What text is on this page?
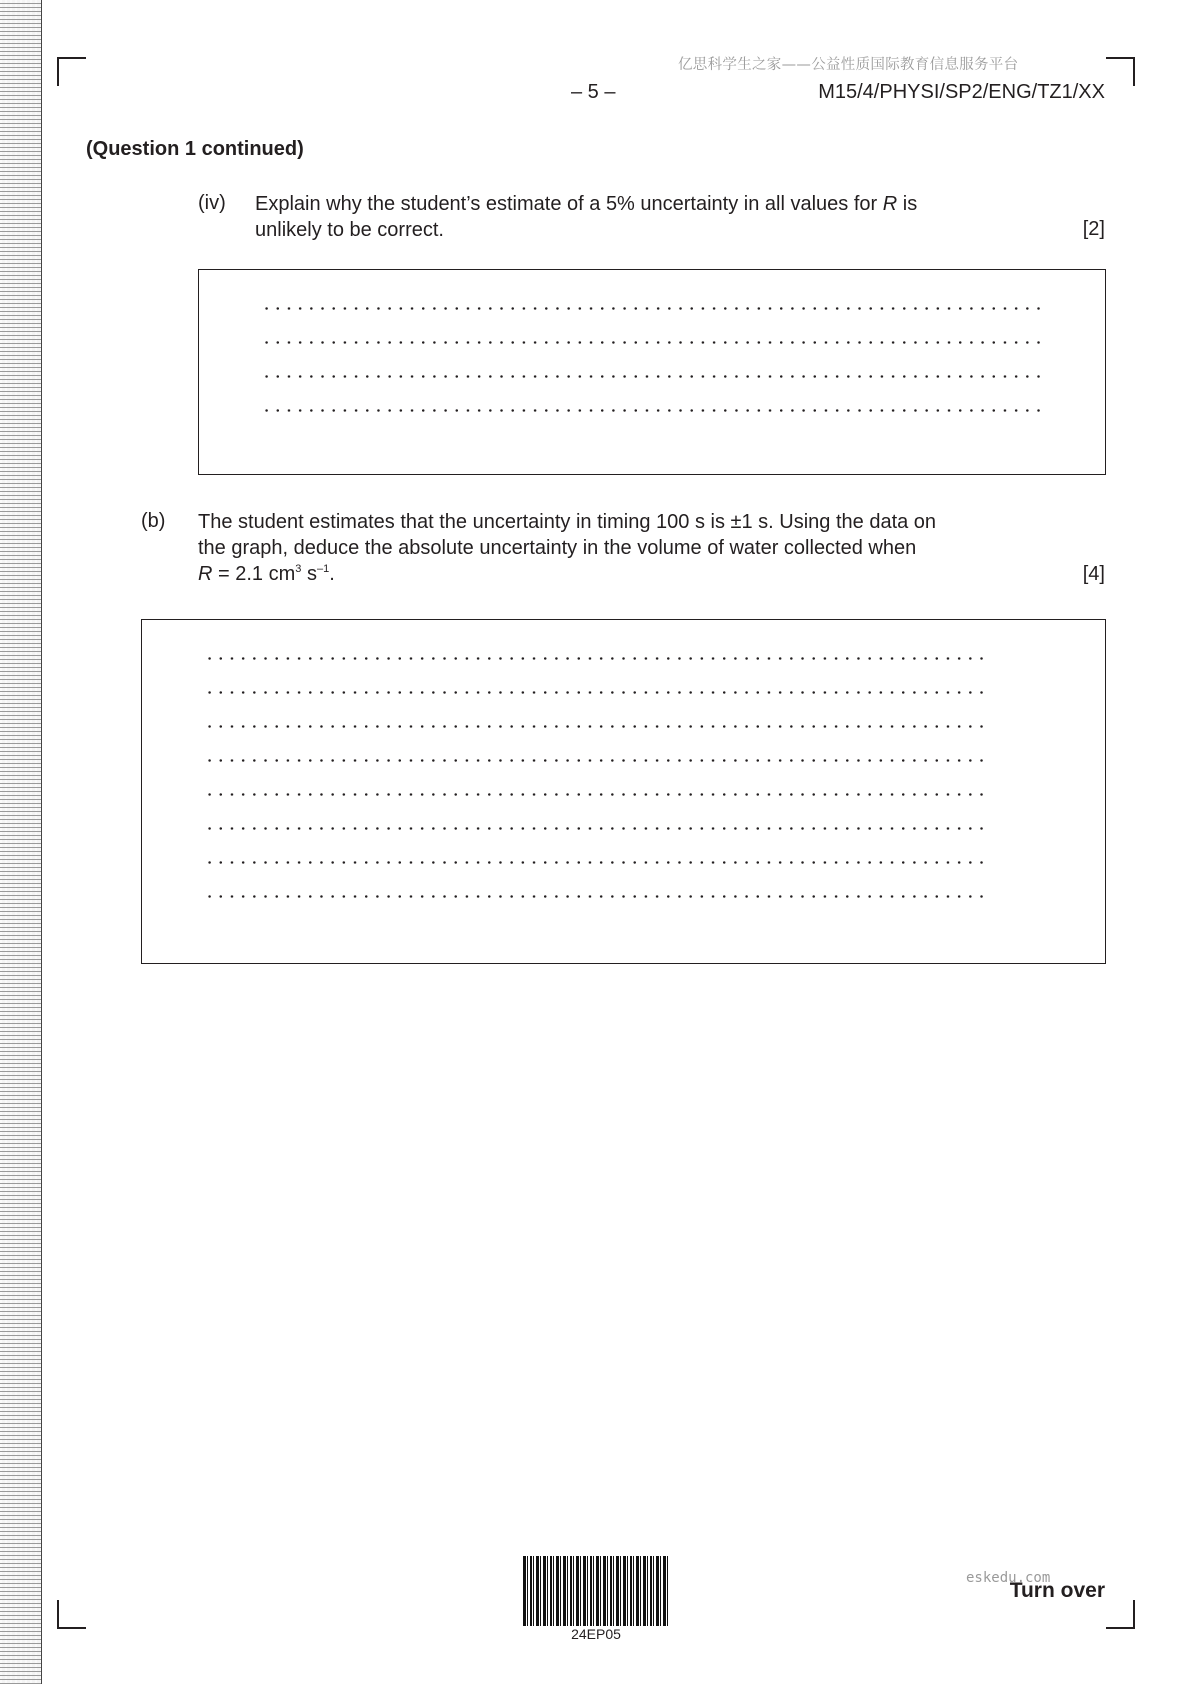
亿思科学生之家——公益性质国际教育信息服务平台
– 5 –	M15/4/PHYSI/SP2/ENG/TZ1/XX
(Question 1 continued)
(iv) Explain why the student’s estimate of a 5% uncertainty in all values for R is
unlikely to be correct.	[2]
(b) The student estimates that the uncertainty in timing 100 s is ±1 s. Using the data on
the graph, deduce the absolute uncertainty in the volume of water collected when
R = 2.1 $cm^3$ $s^{-1}$.	[4]
24EP05
eskedu.com
Turn over
